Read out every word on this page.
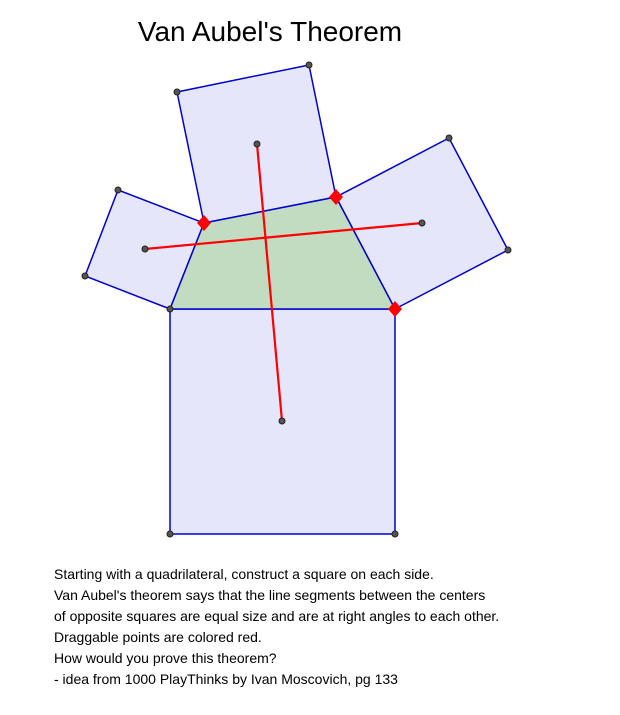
Van Aubel's Theorem
Starting with a quadrilateral, construct a square on each side.
Van Aubel's theorem says that the line segments between the centers
of opposite squares are equal size and are at right angles to each other.
Draggable points are colored red.
How would you prove this theorem?
- idea from 1000 PlayThinks by Ivan Moscovich, pg 133
